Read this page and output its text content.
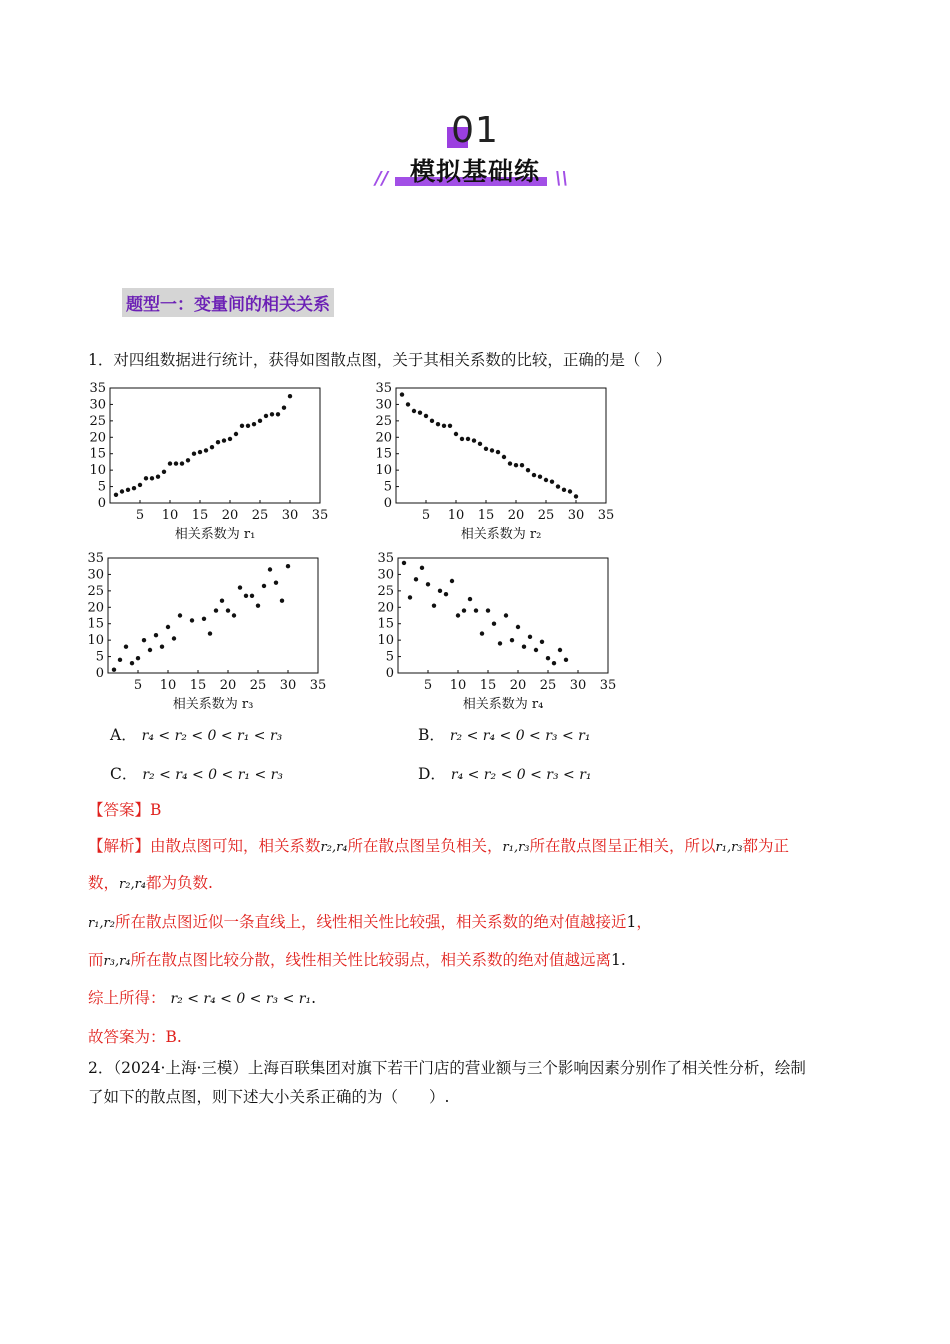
01
模拟基础练
//	\\
题型一：变量间的相关关系
1．对四组数据进行统计，获得如图散点图，关于其相关系数的比较，正确的是（　）
0
5
10
15
20
25
30
35
5 10 15 20 25 30 35
相关系数为 r₁
0
5
10
15
20
25
30
35
5 10 15 20 25 30 35
相关系数为 r₂
0
5
10
15
20
25
30
35
5 10 15 20 25 30 35
相关系数为 r₃
0
5
10
15
20
25
30
35
5 10 15 20 25 30 35
相关系数为 r₄
A． r₄ < r₂ < 0 < r₁ < r₃	B． r₂ < r₄ < 0 < r₃ < r₁
C． r₂ < r₄ < 0 < r₁ < r₃	D． r₄ < r₂ < 0 < r₃ < r₁
【答案】B
【解析】由散点图可知，相关系数r₂,r₄所在散点图呈负相关，r₁,r₃所在散点图呈正相关，所以r₁,r₃都为正
数，r₂,r₄都为负数.
r₁,r₂所在散点图近似一条直线上，线性相关性比较强，相关系数的绝对值越接近1，
而r₃,r₄所在散点图比较分散，线性相关性比较弱点，相关系数的绝对值越远离1.
综上所得： r₂ < r₄ < 0 < r₃ < r₁.
故答案为：B.
2．（2024·上海·三模）上海百联集团对旗下若干门店的营业额与三个影响因素分别作了相关性分析，绘制
了如下的散点图，则下述大小关系正确的为（　　）.
